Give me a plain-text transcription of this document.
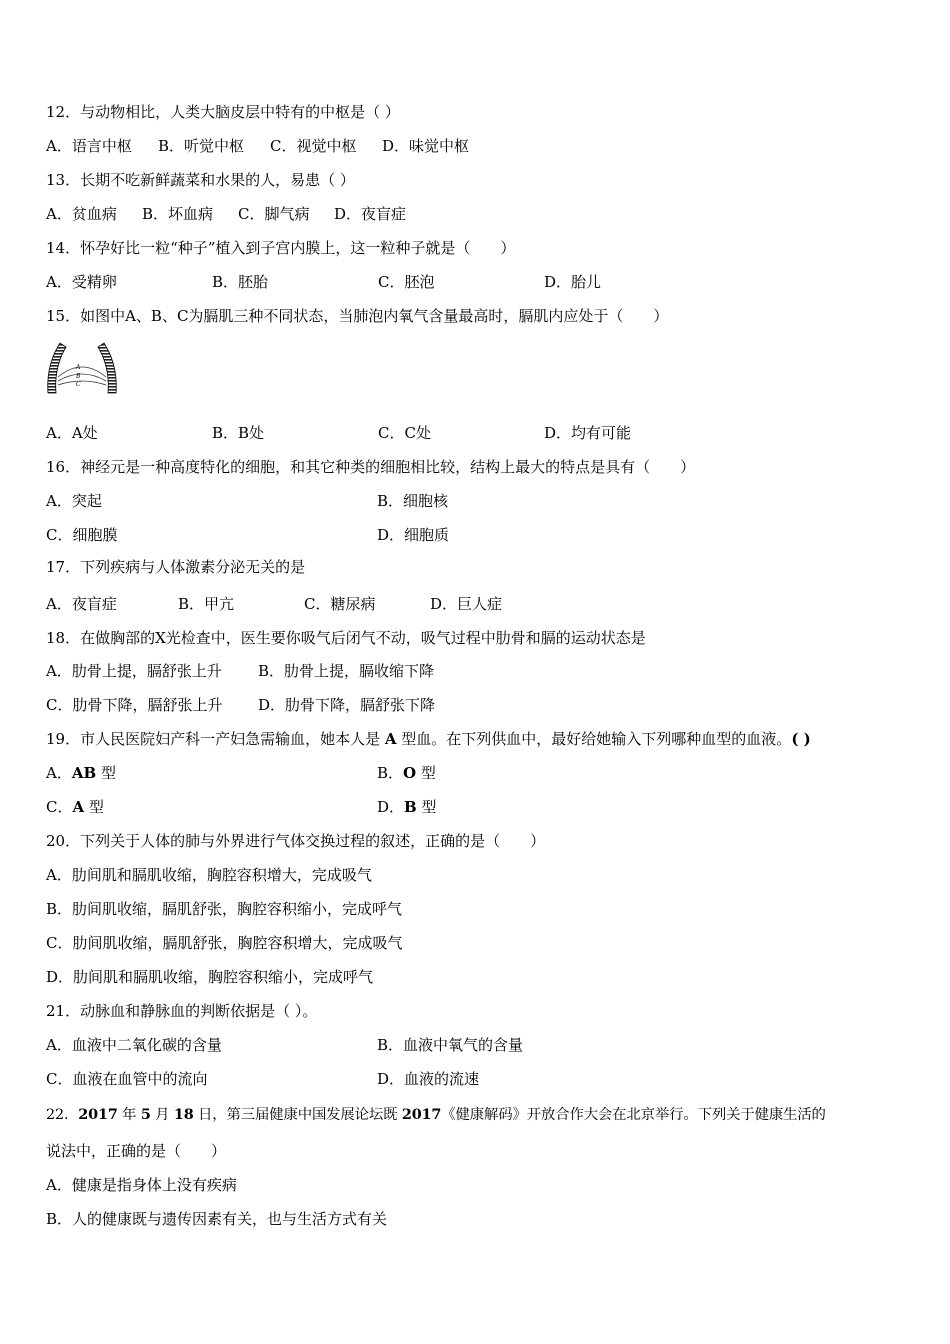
12．与动物相比，人类大脑皮层中特有的中枢是（ ）
A．语言中枢 B．听觉中枢 C．视觉中枢 D．味觉中枢
13．长期不吃新鲜蔬菜和水果的人，易患（ ）
A．贫血病 B．坏血病 C．脚气病 D．夜盲症
14．怀孕好比一粒“种子”植入到子宫内膜上，这一粒种子就是（　　）
A．受精卵	B．胚胎	C．胚泡	D．胎儿
15．如图中A、B、C为膈肌三种不同状态，当肺泡内氧气含量最高时，膈肌内应处于（　　）
A
B
C
A．A处	B．B处	C．C处	D．均有可能
16．神经元是一种高度特化的细胞，和其它种类的细胞相比较，结构上最大的特点是具有（　　）
A．突起	B．细胞核
C．细胞膜	D．细胞质
17．下列疾病与人体激素分泌无关的是
A．夜盲症	B．甲亢	C．糖尿病	D．巨人症
18．在做胸部的X光检查中，医生要你吸气后闭气不动，吸气过程中肋骨和膈的运动状态是
A．肋骨上提，膈舒张上升 B．肋骨上提，膈收缩下降
C．肋骨下降，膈舒张上升 D．肋骨下降，膈舒张下降
19．市人民医院妇产科一产妇急需输血，她本人是 A 型血。在下列供血中，最好给她输入下列哪种血型的血液。( )
A．AB 型	B．O 型
C．A 型	D．B 型
20．下列关于人体的肺与外界进行气体交换过程的叙述，正确的是（　　）
A．肋间肌和膈肌收缩，胸腔容积增大，完成吸气
B．肋间肌收缩，膈肌舒张，胸腔容积缩小，完成呼气
C．肋间肌收缩，膈肌舒张，胸腔容积增大，完成吸气
D．肋间肌和膈肌收缩，胸腔容积缩小，完成呼气
21．动脉血和静脉血的判断依据是（ ）。
A．血液中二氧化碳的含量	B．血液中氧气的含量
C．血液在血管中的流向	D．血液的流速
22．2017 年 5 月 18 日，第三届健康中国发展论坛既 2017《健康解码》开放合作大会在北京举行。下列关于健康生活的
说法中，正确的是（　　）
A．健康是指身体上没有疾病
B．人的健康既与遗传因素有关，也与生活方式有关
